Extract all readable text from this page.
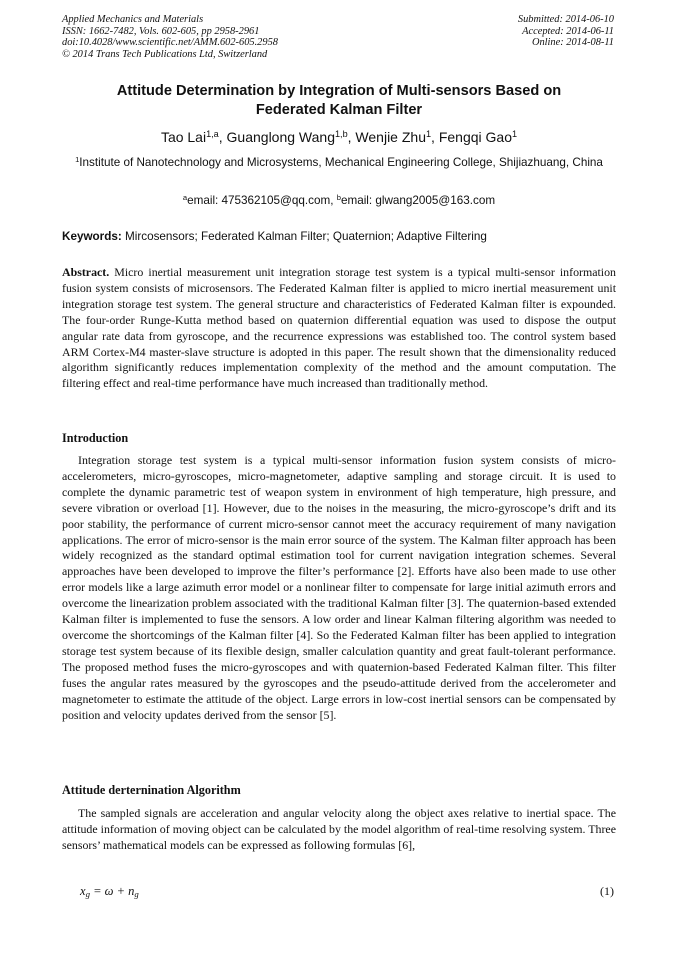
Applied Mechanics and Materials
ISSN: 1662-7482, Vols. 602-605, pp 2958-2961
doi:10.4028/www.scientific.net/AMM.602-605.2958
© 2014 Trans Tech Publications Ltd, Switzerland
Submitted: 2014-06-10
Accepted: 2014-06-11
Online: 2014-08-11
Attitude Determination by Integration of Multi-sensors Based on
Federated Kalman Filter
Tao Lai$^{1,a}$, Guanglong Wang$^{1,b}$, Wenjie Zhu$^1$, Fengqi Gao$^1$
$^1$Institute of Nanotechnology and Microsystems, Mechanical Engineering College, Shijiazhuang, China
$^a$email: 475362105@qq.com, $^b$email: glwang2005@163.com
Keywords: Mircosensors; Federated Kalman Filter; Quaternion; Adaptive Filtering

Abstract. Micro inertial measurement unit integration storage test system is a typical multi-sensor information fusion system consists of microsensors. The Federated Kalman filter is applied to micro inertial measurement unit integration storage test system. The general structure and characteristics of Federated Kalman filter is expounded. The four-order Runge-Kutta method based on quaternion differential equation was used to dispose the output angular rate data from gyroscope, and the recurrence expressions was established too. The control system based ARM Cortex-M4 master-slave structure is adopted in this paper. The result shown that the dimensionality reduced algorithm significantly reduces implementation complexity of the method and the amount computation. The filtering effect and real-time performance have much increased than traditionally method.

Introduction

Integration storage test system is a typical multi-sensor information fusion system consists of micro-accelerometers, micro-gyroscopes, micro-magnetometer, adaptive sampling and storage circuit. It is used to complete the dynamic parametric test of weapon system in environment of high temperature, high pressure, and severe vibration or overload [1]. However, due to the noises in the measuring, the micro-gyroscope’s drift and its poor stability, the performance of current micro-sensor cannot meet the accuracy requirement of many navigation applications. The error of micro-sensor is the main error source of the system. The Kalman filter approach has been widely recognized as the standard optimal estimation tool for current navigation integration schemes. Several approaches have been developed to improve the filter’s performance [2]. Efforts have also been made to use other error models like a large azimuth error model or a nonlinear filter to compensate for large initial azimuth errors and overcome the linearization problem associated with the traditional Kalman filter [3]. The quaternion-based extended Kalman filter is implemented to fuse the sensors. A low order and linear Kalman filtering algorithm was needed to overcome the shortcomings of the Kalman filter [4]. So the Federated Kalman filter has been applied to integration storage test system because of its flexible design, smaller calculation quantity and great fault-tolerant performance. The proposed method fuses the micro-gyroscopes and with quaternion-based Federated Kalman filter. This filter fuses the angular rates measured by the gyroscopes and the pseudo-attitude derived from the accelerometer and magnetometer to estimate the attitude of the object. Large errors in low-cost inertial sensors can be compensated by position and velocity updates derived from the sensor [5].

Attitude derternination Algorithm

The sampled signals are acceleration and angular velocity along the object axes relative to inertial space. The attitude information of moving object can be calculated by the model algorithm of real-time resolving system. Three sensors’ mathematical models can be expressed as following formulas [6],

$x_g = \omega + n_g$	(1)
